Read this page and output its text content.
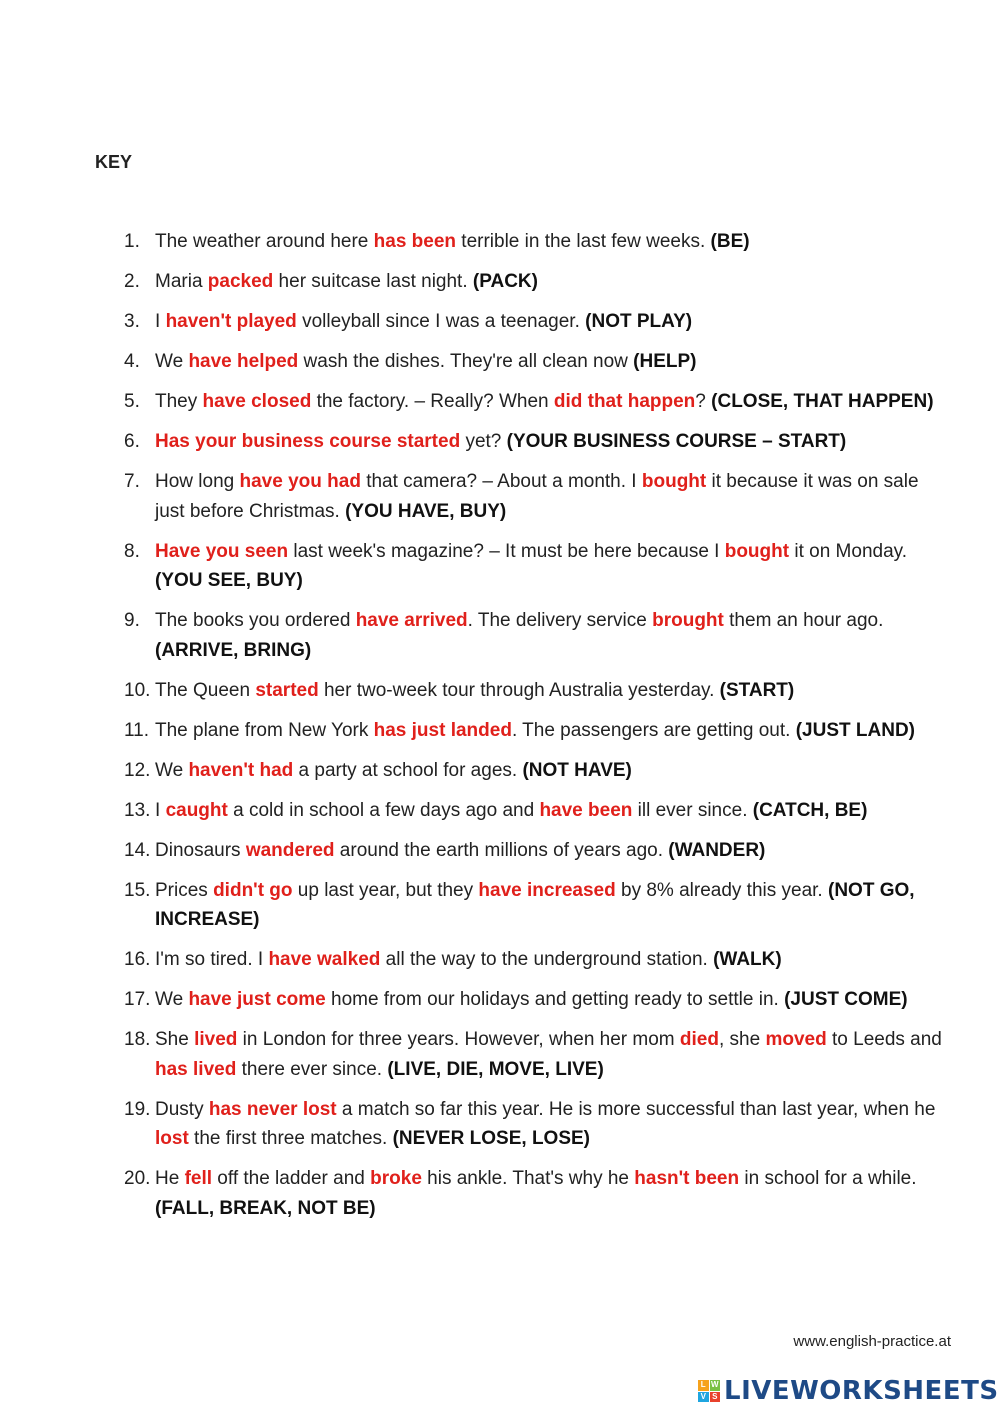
KEY
1. The weather around here has been terrible in the last few weeks. (BE)
2. Maria packed her suitcase last night. (PACK)
3. I haven't played volleyball since I was a teenager. (NOT PLAY)
4. We have helped wash the dishes. They're all clean now (HELP)
5. They have closed the factory. – Really? When did that happen? (CLOSE, THAT HAPPEN)
6. Has your business course started yet? (YOUR BUSINESS COURSE – START)
7. How long have you had that camera? – About a month. I bought it because it was on sale just before Christmas. (YOU HAVE, BUY)
8. Have you seen last week's magazine? – It must be here because I bought it on Monday. (YOU SEE, BUY)
9. The books you ordered have arrived. The delivery service brought them an hour ago. (ARRIVE, BRING)
10. The Queen started her two-week tour through Australia yesterday. (START)
11. The plane from New York has just landed. The passengers are getting out. (JUST LAND)
12. We haven't had a party at school for ages. (NOT HAVE)
13. I caught a cold in school a few days ago and have been ill ever since. (CATCH, BE)
14. Dinosaurs wandered around the earth millions of years ago. (WANDER)
15. Prices didn't go up last year, but they have increased by 8% already this year. (NOT GO, INCREASE)
16. I'm so tired. I have walked all the way to the underground station. (WALK)
17. We have just come home from our holidays and getting ready to settle in. (JUST COME)
18. She lived in London for three years. However, when her mom died, she moved to Leeds and has lived there ever since. (LIVE, DIE, MOVE, LIVE)
19. Dusty has never lost a match so far this year. He is more successful than last year, when he lost the first three matches. (NEVER LOSE, LOSE)
20. He fell off the ladder and broke his ankle. That's why he hasn't been in school for a while. (FALL, BREAK, NOT BE)
www.english-practice.at
L W
V S LIVEWORKSHEETS
